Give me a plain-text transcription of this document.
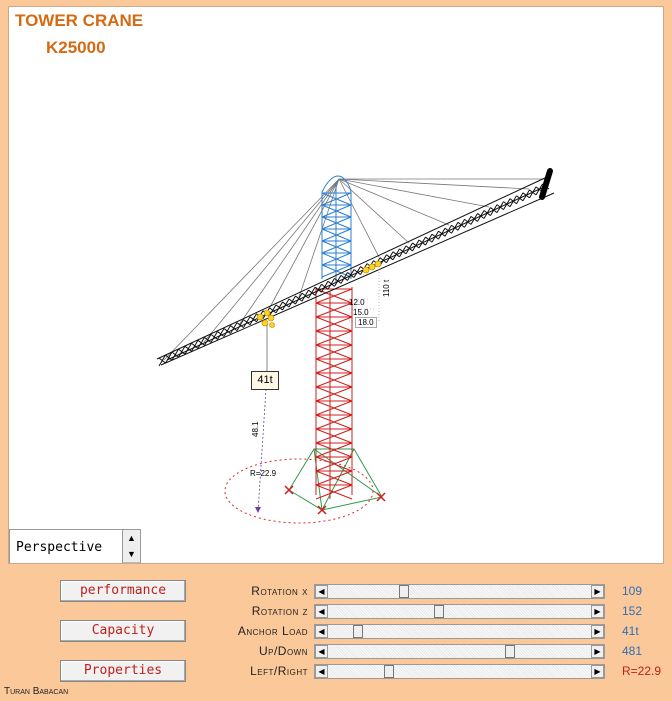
TOWER CRANE
K25000
41t
48.1
R=22.9
12.0
15.0
18.0
110 t
Perspective
▲
▼
performance
Capacity
Properties
Rotation x	◀	▶ 109
Rotation z	◀	▶ 152
Anchor Load	◀	▶ 41t
Up/Down	◀	▶ 481
Left/Right	◀	▶ R=22.9
Turan Babacan
